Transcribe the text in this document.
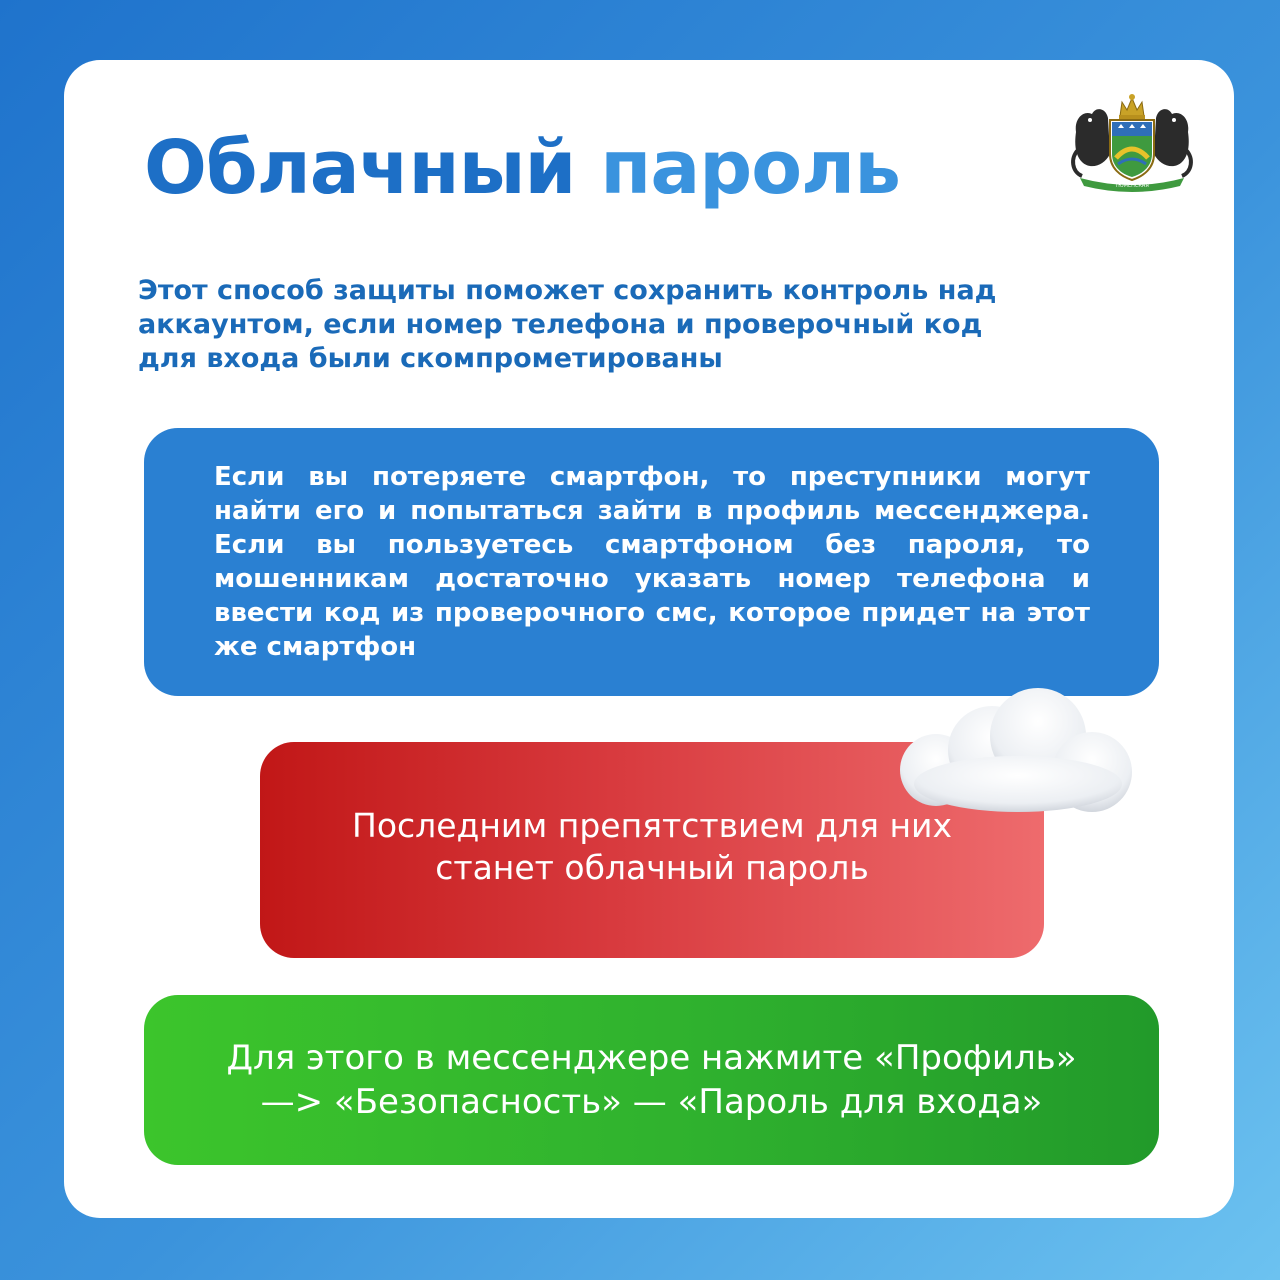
Облачный пароль	ТЮМЕНСКАЯ

Этот способ защиты поможет сохранить контроль над аккаунтом, если номер телефона и проверочный код для входа были скомпрометированы

Если вы потеряете смартфон, то преступники могут найти его и попытаться зайти в профиль мессенджера. Если вы пользуетесь смартфоном без пароля, то мошенникам достаточно указать номер телефона и ввести код из проверочного смс, которое придет на этот же смартфон

Последним препятствием для них
станет облачный пароль

Для этого в мессенджере нажмите «Профиль»
—> «Безопасность» — «Пароль для входа»
